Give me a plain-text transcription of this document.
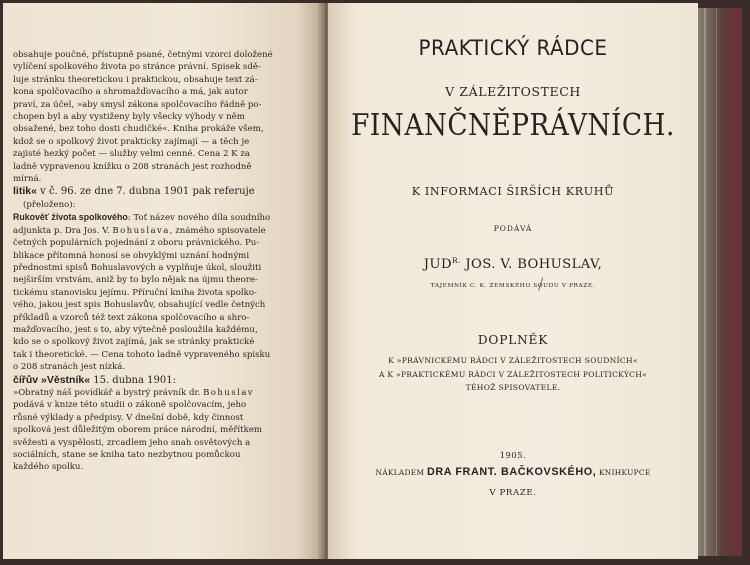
obsahuje poučné, přístupně psané, četnými vzorci doložené

vylíčení spolkového života po stránce právní. Spisek sdě-

luje stránku theoretickou i praktickou, obsahuje text zá-

kona spolčovacího a shromažďovacího a má, jak autor

praví, za účel, »aby smysl zákona spolčovacího řádně po-

chopen byl a aby vystiženy byly všecky výhody v něm

obsažené, bez toho dosti chudičké«. Kniha prokáže všem,

kdož se o spolkový život prakticky zajímají — a těch je

zajisté hezký počet — služby velmi cenné. Cena 2 K za

ladně vypravenou knížku o 208 stranách jest rozhodně

mírná.

litik« v č. 96. ze dne 7. dubna 1901 pak referuje

(přeloženo):

Rukověť života spolkového: Toť název nového díla soudního

adjunkta p. Dra Jos. V. Bohuslava, známého spisovatele

četných populárních pojednání z oboru právnického. Pu-

blikace přítomná honosí se obvyklými uznání hodnými

přednostmi spisů Bohuslavových a vyplňuje úkol, sloužiti

nejširším vrstvám, aniž by to bylo nějak na újmu theore-

tickému stanovisku jejímu. Příruční kniha života spolko-

vého, jakou jest spis Bohuslavův, obsahující vedle četných

příkladů a vzorců též text zákona spolčovacího a shro-

mažďovacího, jest s to, aby výtečně posloužila každému,

kdo se o spolkový život zajímá, jak se stránky praktické

tak i theoretické. — Cena tohoto ladně vypraveného spisku

o 208 stranách jest nízká.

čířův »Věstník« 15. dubna 1901:

»Obratný náš povídkář a bystrý právník dr. Bohuslav

podává v knize této studii o zákoně spolčovacím, jeho

růsné výklady a předpisy. V dnešní době, kdy činnost

spolková jest důležitým oborem práce národní, měřítkem

svěžesti a vyspělosti, zrcadlem jeho snah osvětových a

sociálních, stane se kniha tato nezbytnou pomůckou

každého spolku.

PRAKTICKÝ RÁDCE
V ZÁLEŽITOSTECH
FINANČNĚPRÁVNÍCH.
K INFORMACI ŠIRŠÍCH KRUHŮ
PODÁVÁ
$JUD^{R.}$ JOS. V. BOHUSLAV,
TAJEMNÍK C. K. ZEMSKÉHO SOUDU V PRAZE.
DOPLNĚK
K »PRÁVNICKÉMU RÁDCI V ZÁLEŽITOSTECH SOUDNÍCH«
A K »PRAKTICKÉMU RÁDCI V ZÁLEŽITOSTECH POLITICKÝCH«
TÉHOŽ SPISOVATELE.
1905.
NÁKLADEM DRA FRANT. BAČKOVSKÉHO, KNIHKUPCE
V PRAZE.
